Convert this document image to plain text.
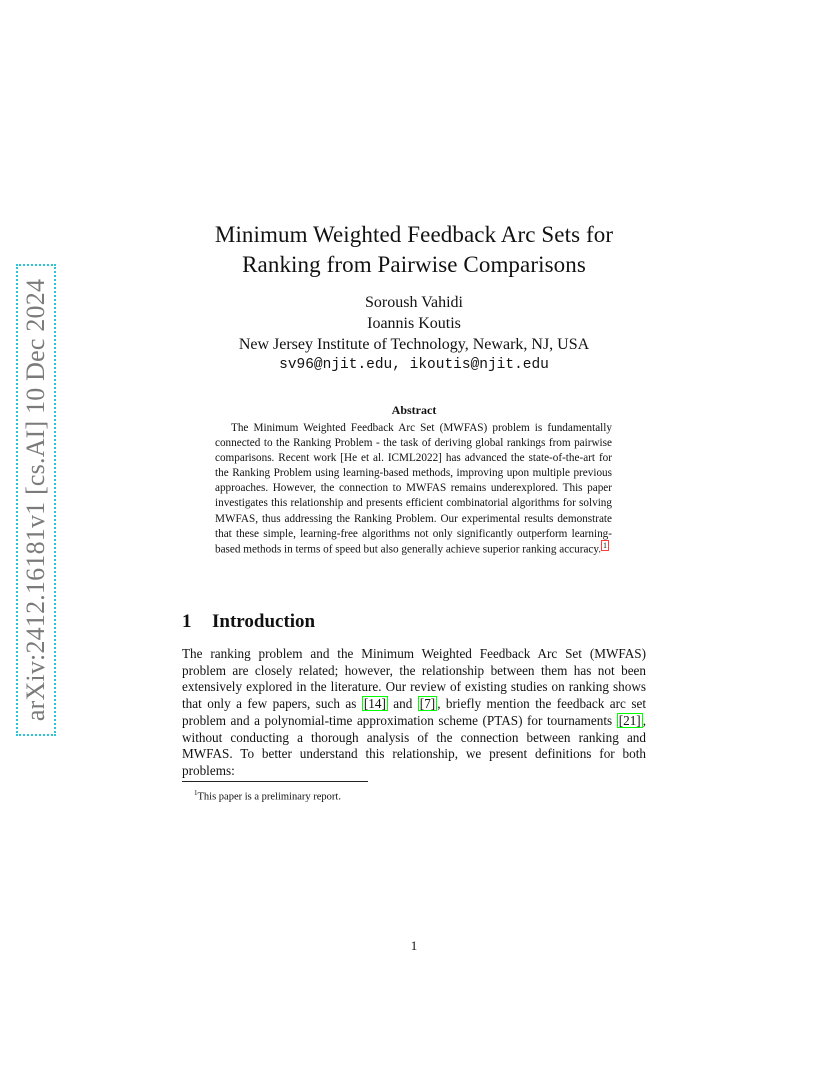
arXiv:2412.16181v1 [cs.AI] 10 Dec 2024
Minimum Weighted Feedback Arc Sets for
Ranking from Pairwise Comparisons
Soroush Vahidi
Ioannis Koutis
New Jersey Institute of Technology, Newark, NJ, USA
sv96@njit.edu, ikoutis@njit.edu
Abstract
The Minimum Weighted Feedback Arc Set (MWFAS) problem is fundamentally connected to the Ranking Problem - the task of deriving global rankings from pairwise comparisons. Recent work [He et al. ICML2022] has advanced the state-of-the-art for the Ranking Problem using learning-based methods, improving upon multiple previous approaches. However, the connection to MWFAS remains underexplored. This paper investigates this relationship and presents efficient combinatorial algorithms for solving MWFAS, thus addressing the Ranking Problem. Our experimental results demonstrate that these simple, learning-free algorithms not only significantly outperform learning-based methods in terms of speed but also generally achieve superior ranking accuracy. $^1$
1 Introduction
The ranking problem and the Minimum Weighted Feedback Arc Set (MWFAS) problem are closely related; however, the relationship between them has not been extensively explored in the literature. Our review of existing studies on ranking shows that only a few papers, such as [14] and [7] , briefly mention the feedback arc set problem and a polynomial-time approximation scheme (PTAS) for tournaments [21] , without conducting a thorough analysis of the connection between ranking and MWFAS. To better understand this relationship, we present definitions for both problems:
$^1$This paper is a preliminary report.
1
